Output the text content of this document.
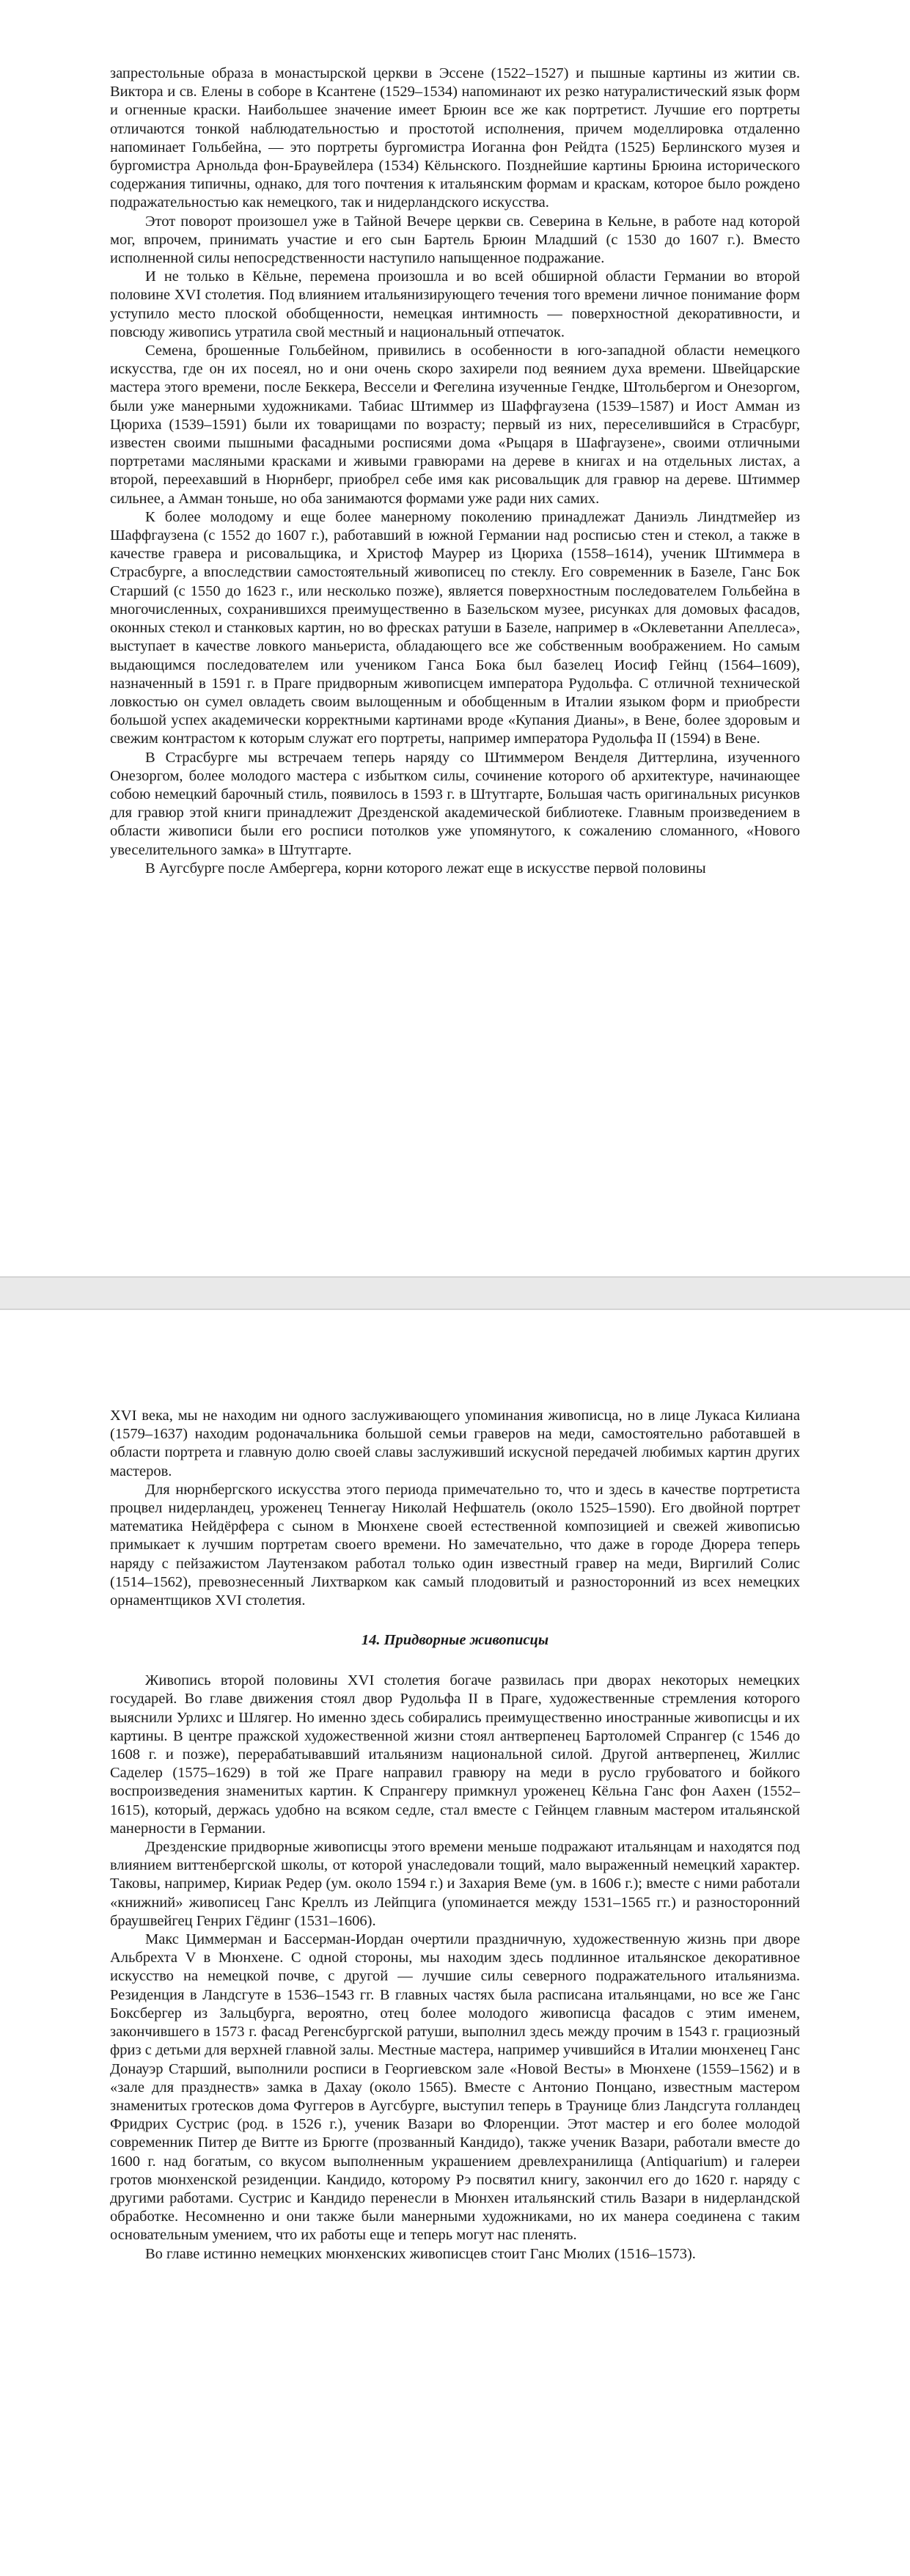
запрестольные образа в монастырской церкви в Эссене (1522–1527) и пышные картины из житии св. Виктора и св. Елены в соборе в Ксантене (1529–1534) напоминают их резко натуралистический язык форм и огненные краски. Наибольшее значение имеет Брюин все же как портретист. Лучшие его портреты отличаются тонкой наблюдательностью и простотой исполнения, причем моделлировка отдаленно напоминает Гольбейна, — это портреты бургомистра Иоганна фон Рейдта (1525) Берлинского музея и бургомистра Арнольда фон-Браувейлера (1534) Кёльнского. Позднейшие картины Брюина исторического содержания типичны, однако, для того почтения к итальянским формам и краскам, которое было рождено подражательностью как немецкого, так и нидерландского искусства.

Этот поворот произошел уже в Тайной Вечере церкви св. Северина в Кельне, в работе над которой мог, впрочем, принимать участие и его сын Бартель Брюин Младший (с 1530 до 1607 г.). Вместо исполненной силы непосредственности наступило напыщенное подражание.

И не только в Кёльне, перемена произошла и во всей обширной области Германии во второй половине XVI столетия. Под влиянием итальянизирующего течения того времени личное понимание форм уступило место плоской обобщенности, немецкая интимность — поверхностной декоративности, и повсюду живопись утратила свой местный и национальный отпечаток.

Семена, брошенные Гольбейном, привились в особенности в юго-западной области немецкого искусства, где он их посеял, но и они очень скоро захирели под веянием духа времени. Швейцарские мастера этого времени, после Беккера, Вессели и Фегелина изученные Гендке, Штольбергом и Онезоргом, были уже манерными художниками. Табиас Штиммер из Шаффгаузена (1539–1587) и Иост Амман из Цюриха (1539–1591) были их товарищами по возрасту; первый из них, переселившийся в Страсбург, известен своими пышными фасадными росписями дома «Рыцаря в Шафгаузене», своими отличными портретами масляными красками и живыми гравюрами на дереве в книгах и на отдельных листах, а второй, переехавший в Нюрнберг, приобрел себе имя как рисовальщик для гравюр на дереве. Штиммер сильнее, а Амман тоньше, но оба занимаются формами уже ради них самих.

К более молодому и еще более манерному поколению принадлежат Даниэль Линдтмейер из Шаффгаузена (с 1552 до 1607 г.), работавший в южной Германии над росписью стен и стекол, а также в качестве гравера и рисовальщика, и Христоф Маурер из Цюриха (1558–1614), ученик Штиммера в Страсбурге, а впоследствии самостоятельный живописец по стеклу. Его современник в Базеле, Ганс Бок Старший (с 1550 до 1623 г., или несколько позже), является поверхностным последователем Гольбейна в многочисленных, сохранившихся преимущественно в Базельском музее, рисунках для домовых фасадов, оконных стекол и станковых картин, но во фресках ратуши в Базеле, например в «Оклеветанни Апеллеса», выступает в качестве ловкого маньериста, обладающего все же собственным воображением. Но самым выдающимся последователем или учеником Ганса Бока был базелец Иосиф Гейнц (1564–1609), назначенный в 1591 г. в Праге придворным живописцем императора Рудольфа. С отличной технической ловкостью он сумел овладеть своим вылощенным и обобщенным в Италии языком форм и приобрести большой успех академически корректными картинами вроде «Купания Дианы», в Вене, более здоровым и свежим контрастом к которым служат его портреты, например императора Рудольфа II (1594) в Вене.

В Страсбурге мы встречаем теперь наряду со Штиммером Венделя Диттерлина, изученного Онезоргом, более молодого мастера с избытком силы, сочинение которого об архитектуре, начинающее собою немецкий барочный стиль, появилось в 1593 г. в Штутгарте, Большая часть оригинальных рисунков для гравюр этой книги принадлежит Дрезденской академической библиотеке. Главным произведением в области живописи были его росписи потолков уже упомянутого, к сожалению сломанного, «Нового увеселительного замка» в Штутгарте.

В Аугсбурге после Амбергера, корни которого лежат еще в искусстве первой половины

XVI века, мы не находим ни одного заслуживающего упоминания живописца, но в лице Лукаса Килиана (1579–1637) находим родоначальника большой семьи граверов на меди, самостоятельно работавшей в области портрета и главную долю своей славы заслуживший искусной передачей любимых картин других мастеров.

Для нюрнбергского искусства этого периода примечательно то, что и здесь в качестве портретиста процвел нидерландец, уроженец Теннегау Николай Нефшатель (около 1525–1590). Его двойной портрет математика Нейдёрфера с сыном в Мюнхене своей естественной композицией и свежей живописью примыкает к лучшим портретам своего времени. Но замечательно, что даже в городе Дюрера теперь наряду с пейзажистом Лаутензаком работал только один известный гравер на меди, Виргилий Солис (1514–1562), превознесенный Лихтварком как самый плодовитый и разносторонний из всех немецких орнаментщиков XVI столетия.

14. Придворные живописцы

Живопись второй половины XVI столетия богаче развилась при дворах некоторых немецких государей. Во главе движения стоял двор Рудольфа II в Праге, художественные стремления которого выяснили Урлихс и Шлягер. Но именно здесь собирались преимущественно иностранные живописцы и их картины. В центре пражской художественной жизни стоял антверпенец Бартоломей Спрангер (с 1546 до 1608 г. и позже), перерабатывавший итальянизм национальной силой. Другой антверпенец, Жиллис Саделер (1575–1629) в той же Праге направил гравюру на меди в русло грубоватого и бойкого воспроизведения знаменитых картин. К Спрангеру примкнул уроженец Кёльна Ганс фон Аахен (1552–1615), который, держась удобно на всяком седле, стал вместе с Гейнцем главным мастером итальянской манерности в Германии.

Дрезденские придворные живописцы этого времени меньше подражают итальянцам и находятся под влиянием виттенбергской школы, от которой унаследовали тощий, мало выраженный немецкий характер. Таковы, например, Кириак Редер (ум. около 1594 г.) и Захария Веме (ум. в 1606 г.); вместе с ними работали «книжний» живописец Ганс Креллъ из Лейпцига (упоминается между 1531–1565 гг.) и разносторонний браушвейгец Генрих Гёдинг (1531–1606).

Макс Циммерман и Бассерман-Иордан очертили праздничную, художественную жизнь при дворе Альбрехта V в Мюнхене. С одной стороны, мы находим здесь подлинное итальянское декоративное искусство на немецкой почве, с другой — лучшие силы северного подражательного итальянизма. Резиденция в Ландсгуте в 1536–1543 гг. В главных частях была расписана итальянцами, но все же Ганс Боксбергер из Зальцбурга, вероятно, отец более молодого живописца фасадов с этим именем, закончившего в 1573 г. фасад Регенсбургской ратуши, выполнил здесь между прочим в 1543 г. грациозный фриз с детьми для верхней главной залы. Местные мастера, например учившийся в Италии мюнхенец Ганс Донауэр Старший, выполнили росписи в Георгиевском зале «Новой Весты» в Мюнхене (1559–1562) и в «зале для празднеств» замка в Дахау (около 1565). Вместе с Антонио Понцано, известным мастером знаменитых гротесков дома Фуггеров в Аугсбурге, выступил теперь в Траунице близ Ландсгута голландец Фридрих Сустрис (род. в 1526 г.), ученик Вазари во Флоренции. Этот мастер и его более молодой современник Питер де Витте из Брюгге (прозванный Кандидо), также ученик Вазари, работали вместе до 1600 г. над богатым, со вкусом выполненным украшением древлехранилища (Antiquarium) и галереи гротов мюнхенской резиденции. Кандидо, которому Рэ посвятил книгу, закончил его до 1620 г. наряду с другими работами. Сустрис и Кандидо перенесли в Мюнхен итальянский стиль Вазари в нидерландской обработке. Несомненно и они также были манерными художниками, но их манера соединена с таким основательным умением, что их работы еще и теперь могут нас пленять.

Во главе истинно немецких мюнхенских живописцев стоит Ганс Мюлих (1516–1573).
